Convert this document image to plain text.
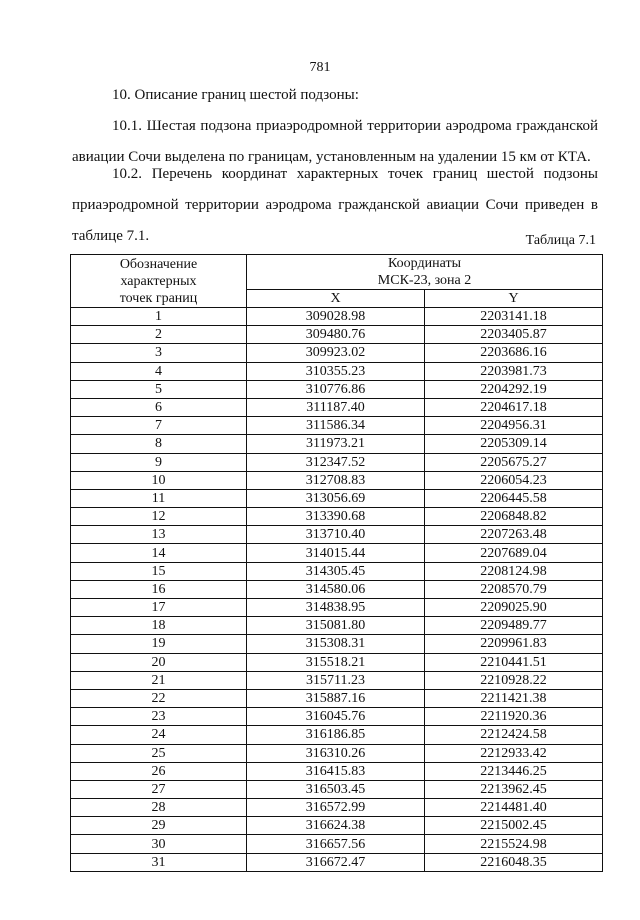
781
10. Описание границ шестой подзоны:
10.1. Шестая подзона приаэродромной территории аэродрома гражданской авиации Сочи выделена по границам, установленным на удалении 15 км от КТА.
10.2. Перечень координат характерных точек границ шестой подзоны приаэродромной территории аэродрома гражданской авиации Сочи приведен в таблице 7.1.	Таблица 7.1
Обозначение
характерных
точек границ	Координаты
МСК-23, зона 2	

	X	Y
1	309028.98	2203141.18
2	309480.76	2203405.87
3	309923.02	2203686.16
4	310355.23	2203981.73
5	310776.86	2204292.19
6	311187.40	2204617.18
7	311586.34	2204956.31
8	311973.21	2205309.14
9	312347.52	2205675.27
10	312708.83	2206054.23
11	313056.69	2206445.58
12	313390.68	2206848.82
13	313710.40	2207263.48
14	314015.44	2207689.04
15	314305.45	2208124.98
16	314580.06	2208570.79
17	314838.95	2209025.90
18	315081.80	2209489.77
19	315308.31	2209961.83
20	315518.21	2210441.51
21	315711.23	2210928.22
22	315887.16	2211421.38
23	316045.76	2211920.36
24	316186.85	2212424.58
25	316310.26	2212933.42
26	316415.83	2213446.25
27	316503.45	2213962.45
28	316572.99	2214481.40
29	316624.38	2215002.45
30	316657.56	2215524.98
31	316672.47	2216048.35
